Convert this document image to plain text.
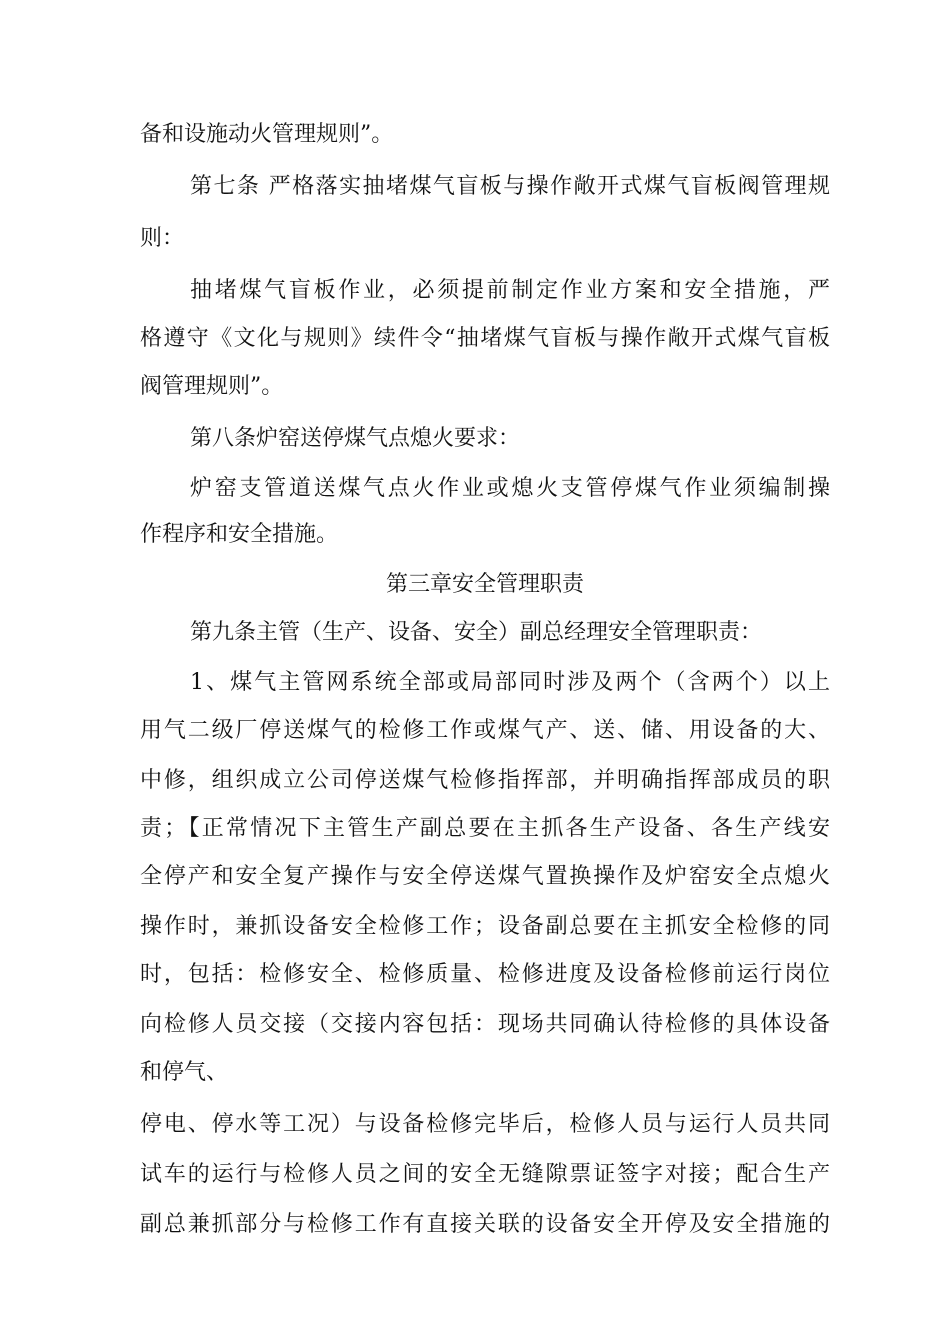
备和设施动火管理规则”。
第七条 严格落实抽堵煤气盲板与操作敞开式煤气盲板阀管理规
则：
抽堵煤气盲板作业，必须提前制定作业方案和安全措施，严
格遵守《文化与规则》续件令“抽堵煤气盲板与操作敞开式煤气盲板
阀管理规则”。
第八条炉窑送停煤气点熄火要求：
炉窑支管道送煤气点火作业或熄火支管停煤气作业须编制操
作程序和安全措施。
第三章安全管理职责
第九条主管（生产、设备、安全）副总经理安全管理职责：
1、煤气主管网系统全部或局部同时涉及两个（含两个）以上
用气二级厂停送煤气的检修工作或煤气产、送、储、用设备的大、
中修，组织成立公司停送煤气检修指挥部，并明确指挥部成员的职
责；【正常情况下主管生产副总要在主抓各生产设备、各生产线安
全停产和安全复产操作与安全停送煤气置换操作及炉窑安全点熄火
操作时，兼抓设备安全检修工作；设备副总要在主抓安全检修的同
时，包括：检修安全、检修质量、检修进度及设备检修前运行岗位
向检修人员交接（交接内容包括：现场共同确认待检修的具体设备
和停气、
停电、停水等工况）与设备检修完毕后，检修人员与运行人员共同
试车的运行与检修人员之间的安全无缝隙票证签字对接；配合生产
副总兼抓部分与检修工作有直接关联的设备安全开停及安全措施的
